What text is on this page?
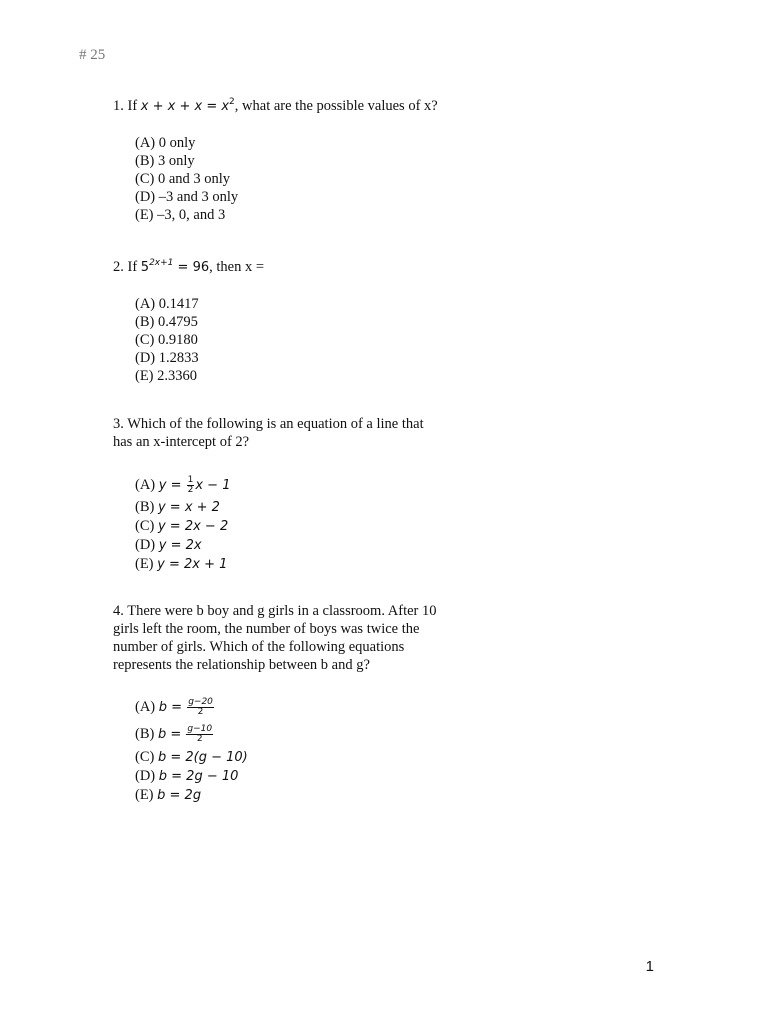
# 25

1. If $x + x + x = x^2$, what are the possible values of x?

(A) 0 only
(B) 3 only
(C) 0 and 3 only
(D) –3 and 3 only
(E) –3, 0, and 3

2. If $5^{2x+1} = 96$, then x =

(A) 0.1417
(B) 0.4795
(C) 0.9180
(D) 1.2833
(E) 2.3360

3. Which of the following is an equation of a line that
has an x-intercept of 2?

(A) $y = \frac{1}{2}$ x − 1
(B) y = x + 2
(C) y = 2x − 2
(D) y = 2x
(E) y = 2x + 1

4. There were b boy and g girls in a classroom. After 10
girls left the room, the number of boys was twice the
number of girls. Which of the following equations
represents the relationship between b and g?

(A) $b = \frac{g-20}{2}$
(B) $b = \frac{g-10}{2}$
(C) b = 2(g − 10)
(D) b = 2g − 10
(E) b = 2g
1
